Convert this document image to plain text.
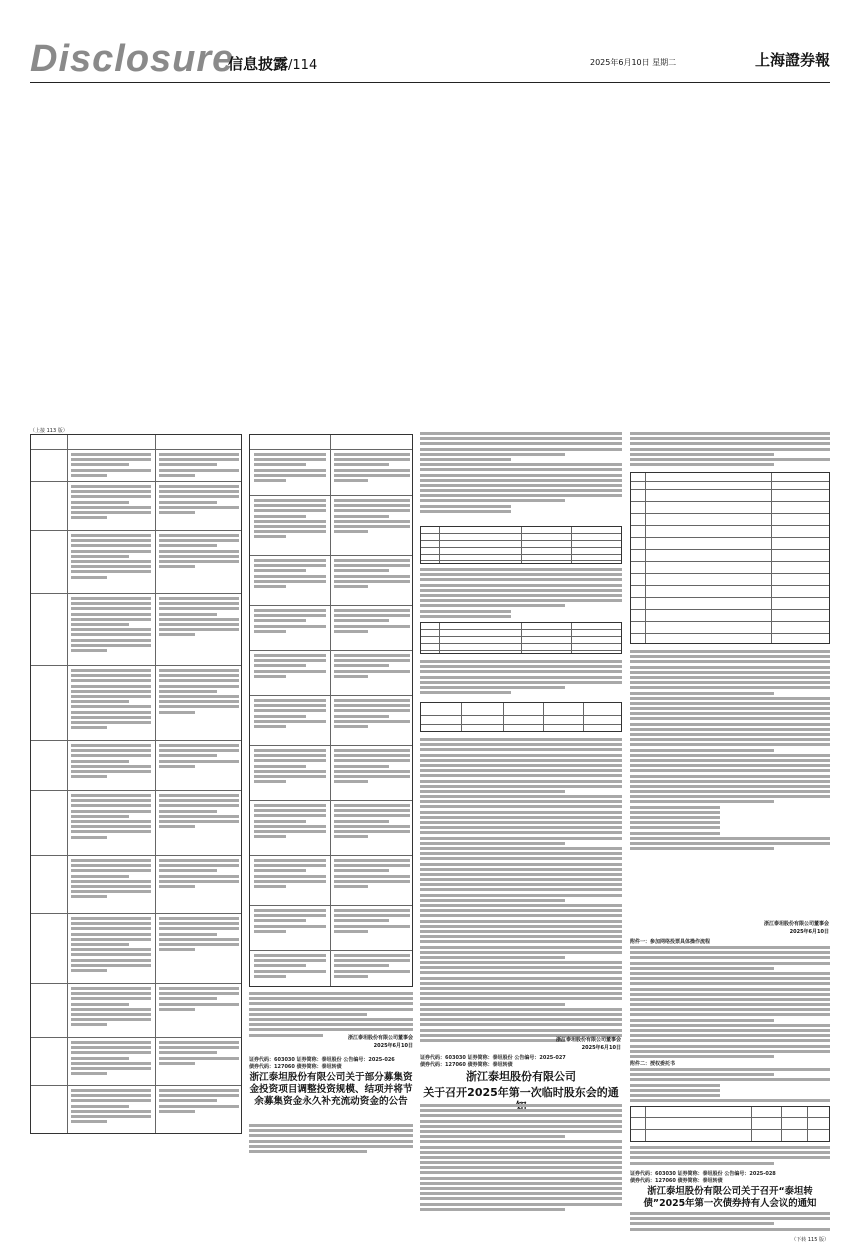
Disclosure
信息披露/114	2025年6月10日 星期二	上海證券報
（上接 113 版）
浙江泰坦股份有限公司董事会
2025年6月10日
证券代码：603030 证券简称：泰坦股份 公告编号：2025-026
债券代码：127060 债券简称：泰坦转债
浙江泰坦股份有限公司关于部分募集资金投资项目调整投资规模、结项并将节余募集资金永久补充流动资金的公告
浙江泰坦股份有限公司董事会
2025年6月10日
证券代码：603030 证券简称：泰坦股份 公告编号：2025-027
债券代码：127060 债券简称：泰坦转债
浙江泰坦股份有限公司
关于召开2025年第一次临时股东会的通
浙江泰坦股份有限公司董事会
2025年6月10日
附件一：参加网络投票具体操作流程
附件二：授权委托书
证券代码：603030 证券简称：泰坦股份 公告编号：2025-028
债券代码：127060 债券简称：泰坦转债
浙江泰坦股份有限公司关于召开“泰坦转债”2025年第一次债券持有人会议的通知
（下转 115 版）
